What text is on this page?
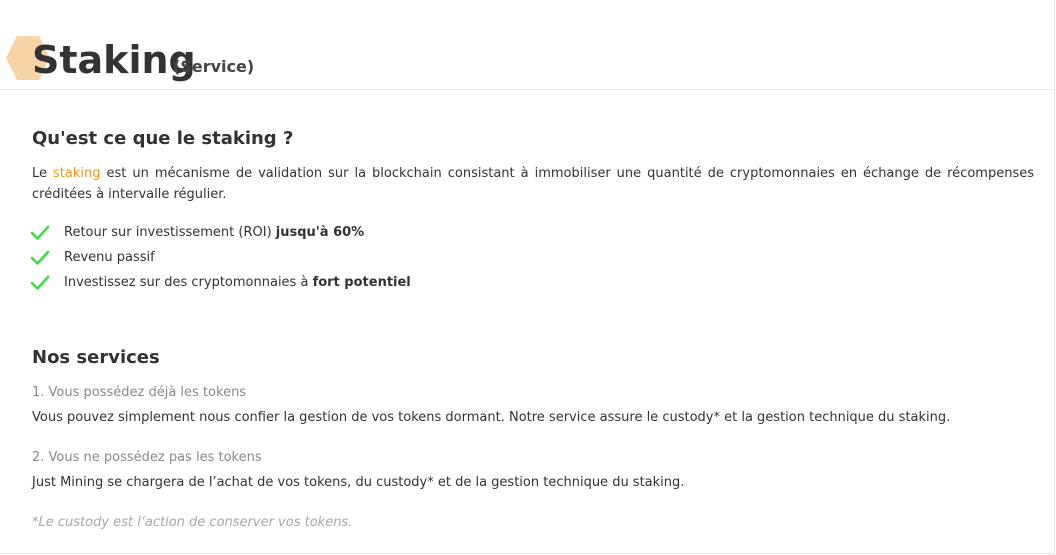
Staking
(Service)
Qu'est ce que le staking ?
Le staking est un mécanisme de validation sur la blockchain consistant à immobiliser une quantité de cryptomonnaies en échange de récompenses créditées à intervalle régulier.
Retour sur investissement (ROI) jusqu'à 60%
Revenu passif
Investissez sur des cryptomonnaies à fort potentiel
Nos services
1. Vous possédez déjà les tokens
Vous pouvez simplement nous confier la gestion de vos tokens dormant. Notre service assure le custody* et la gestion technique du staking.
2. Vous ne possédez pas les tokens
Just Mining se chargera de l’achat de vos tokens, du custody* et de la gestion technique du staking.
*Le custody est l’action de conserver vos tokens.
